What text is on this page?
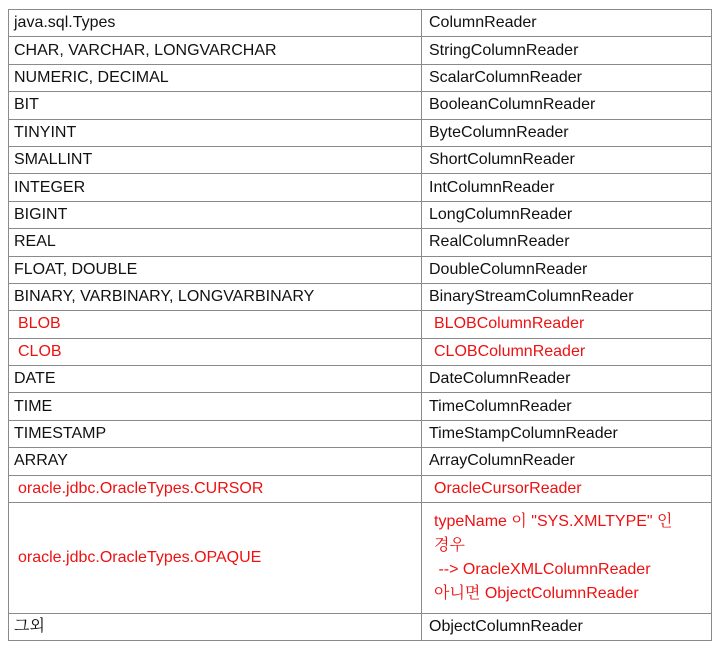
java.sql.Types	ColumnReader
CHAR, VARCHAR, LONGVARCHAR	StringColumnReader
NUMERIC, DECIMAL	ScalarColumnReader
BIT	BooleanColumnReader
TINYINT	ByteColumnReader
SMALLINT	ShortColumnReader
INTEGER	IntColumnReader
BIGINT	LongColumnReader
REAL	RealColumnReader
FLOAT, DOUBLE	DoubleColumnReader
BINARY, VARBINARY, LONGVARBINARY	BinaryStreamColumnReader
BLOB	BLOBColumnReader
CLOB	CLOBColumnReader
DATE	DateColumnReader
TIME	TimeColumnReader
TIMESTAMP	TimeStampColumnReader
ARRAY	ArrayColumnReader
oracle.jdbc.OracleTypes.CURSOR	OracleCursorReader
oracle.jdbc.OracleTypes.OPAQUE	typeName 이 "SYS.XMLTYPE" 인
경우
--> OracleXMLColumnReader
아니면 ObjectColumnReader

그외	ObjectColumnReader
